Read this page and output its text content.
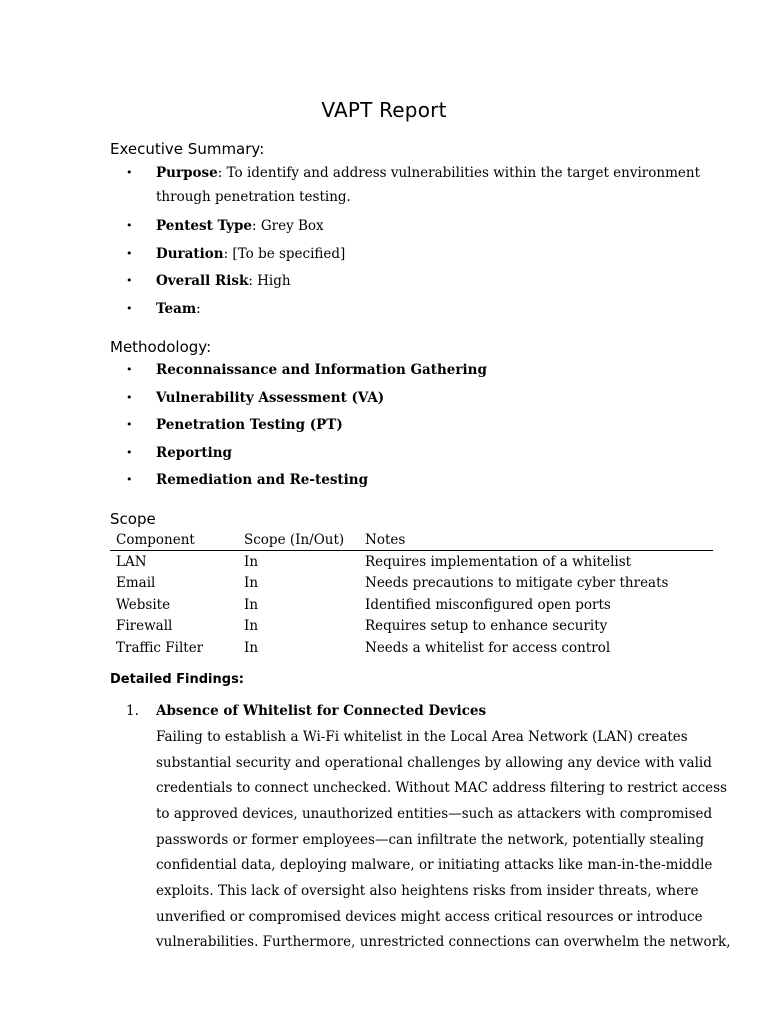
VAPT Report
Executive Summary:
• Purpose: To identify and address vulnerabilities within the target environment
through penetration testing.
• Pentest Type: Grey Box
• Duration: [To be specified]
• Overall Risk: High
• Team:
Methodology:
• Reconnaissance and Information Gathering
• Vulnerability Assessment (VA)
• Penetration Testing (PT)
• Reporting
• Remediation and Re-testing
Scope
Component	Scope (In/Out)	Notes
LAN	In	Requires implementation of a whitelist
Email	In	Needs precautions to mitigate cyber threats
Website	In	Identified misconfigured open ports
Firewall	In	Requires setup to enhance security
Traffic Filter	In	Needs a whitelist for access control
Detailed Findings:
1. Absence of Whitelist for Connected Devices
Failing to establish a Wi-Fi whitelist in the Local Area Network (LAN) creates
substantial security and operational challenges by allowing any device with valid
credentials to connect unchecked. Without MAC address filtering to restrict access
to approved devices, unauthorized entities—such as attackers with compromised
passwords or former employees—can infiltrate the network, potentially stealing
confidential data, deploying malware, or initiating attacks like man-in-the-middle
exploits. This lack of oversight also heightens risks from insider threats, where
unverified or compromised devices might access critical resources or introduce
vulnerabilities. Furthermore, unrestricted connections can overwhelm the network,
